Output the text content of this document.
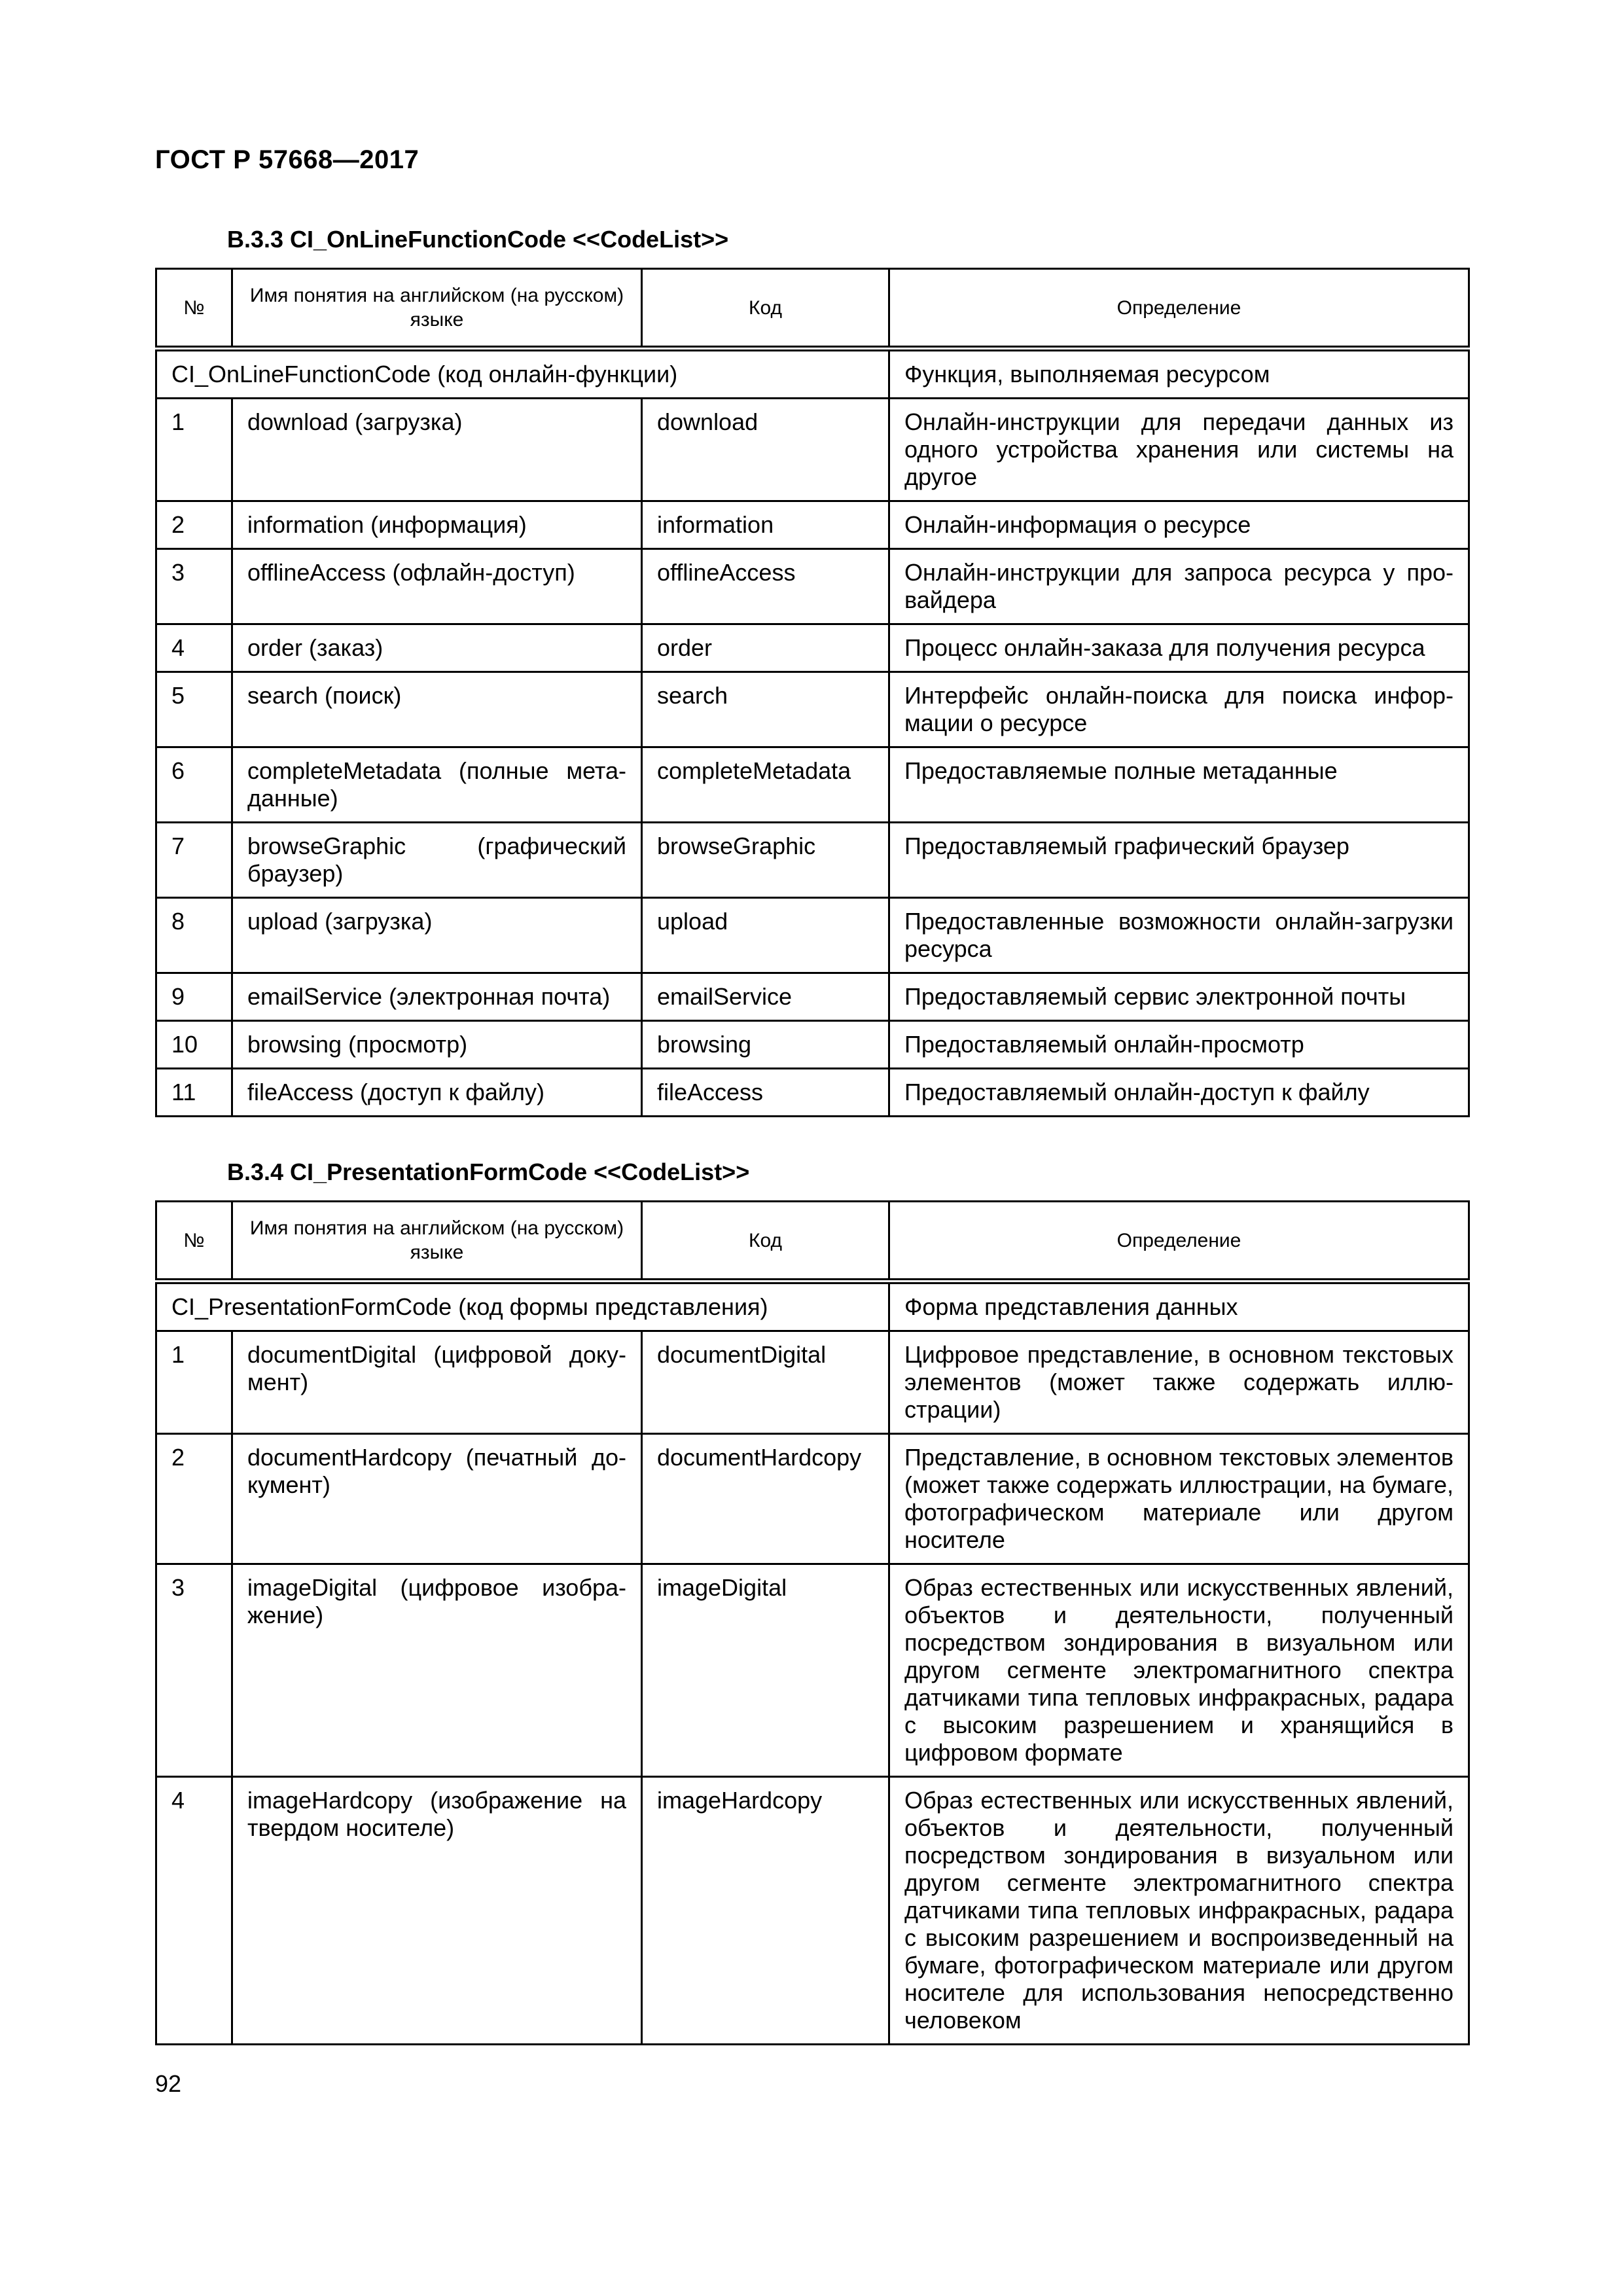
ГОСТ Р 57668—2017
В.3.3 CI_OnLineFunctionCode <<CodeList>>
№	Имя понятия на английском (на русском) языке	Код	Определение
CI_OnLineFunctionCode (код онлайн-функции)			Функция, выполняемая ресурсом
1	download (загрузка)	download	Онлайн-инструкции для передачи данных из одного устройства хранения или системы на другое
2	information (информация)	information	Онлайн-информация о ресурсе
3	offlineAccess (офлайн-доступ)	offlineAccess	Онлайн-инструкции для запроса ресурса у провайдера
4	order (заказ)	order	Процесс онлайн-заказа для получения ресурса
5	search (поиск)	search	Интерфейс онлайн-поиска для поиска информации о ресурсе
6	completeMetadata (полные метаданные)	completeMetadata	Предоставляемые полные метаданные
7	browseGraphic (графический браузер)	browseGraphic	Предоставляемый графический браузер
8	upload (загрузка)	upload	Предоставленные возможности онлайн-загрузки ресурса
9	emailService (электронная почта)	emailService	Предоставляемый сервис электронной почты
10	browsing (просмотр)	browsing	Предоставляемый онлайн-просмотр
11	fileAccess (доступ к файлу)	fileAccess	Предоставляемый онлайн-доступ к файлу
В.3.4 CI_PresentationFormCode <<CodeList>>
№	Имя понятия на английском (на русском) языке	Код	Определение
CI_PresentationFormCode (код формы представления)			Форма представления данных
1	documentDigital (цифровой документ)	documentDigital	Цифровое представление, в основном текстовых элементов (может также содержать иллюстрации)
2	documentHardcopy (печатный документ)	documentHardcopy	Представление, в основном текстовых элементов (может также содержать иллюстрации, на бумаге, фотографическом материале или другом носителе
3	imageDigital (цифровое изображение)	imageDigital	Образ естественных или искусственных явлений, объектов и деятельности, полученный посредством зондирования в визуальном или другом сегменте электромагнитного спектра датчиками типа тепловых инфракрасных, радара с высоким разрешением и хранящийся в цифровом формате
4	imageHardcopy (изображение на твердом носителе)	imageHardcopy	Образ естественных или искусственных явлений, объектов и деятельности, полученный посредством зондирования в визуальном или другом сегменте электромагнитного спектра датчиками типа тепловых инфракрасных, радара с высоким разрешением и воспроизведенный на бумаге, фотографическом материале или другом носителе для использования непосредственно человеком
92
